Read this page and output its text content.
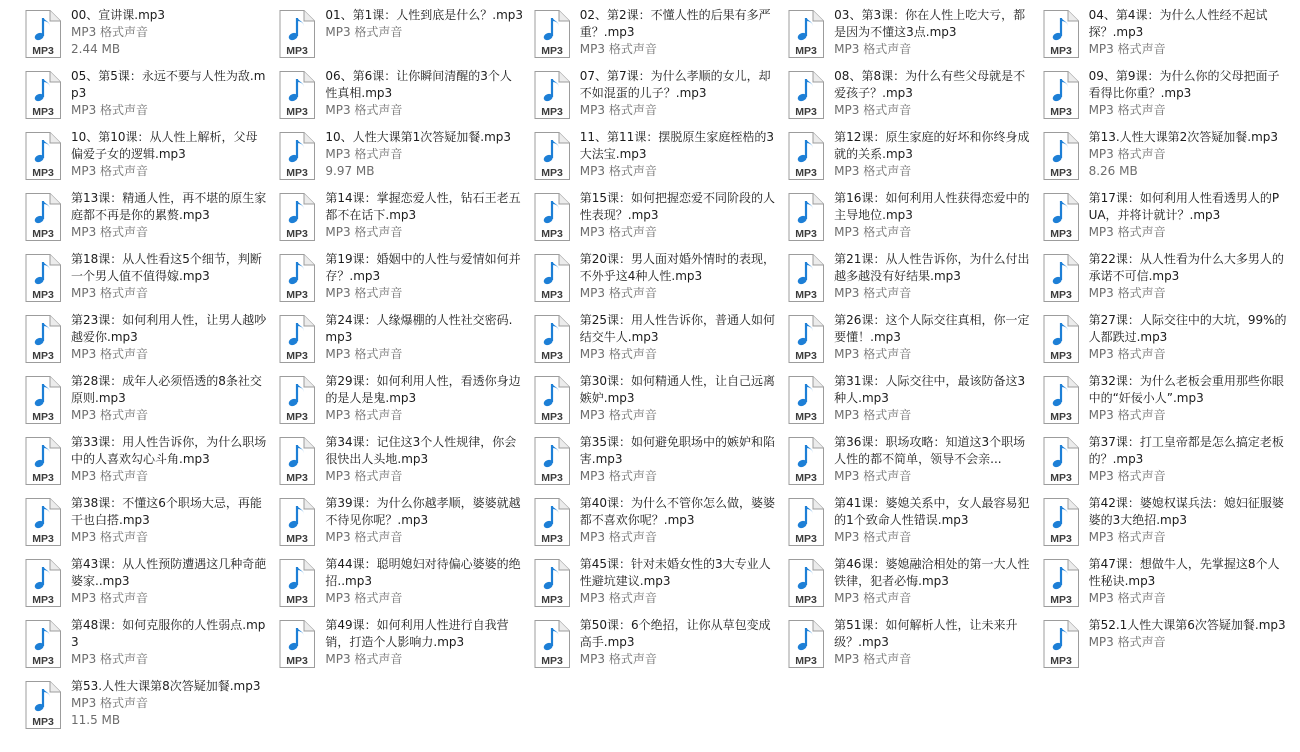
MP3
00、宣讲课.mp3
MP3 格式声音
2.44 MB	MP3
01、第1课：人性到底是什么？.mp3
MP3 格式声音
MP3
02、第2课：不懂人性的后果有多严重？.mp3
MP3 格式声音	MP3
03、第3课：你在人性上吃大亏，都是因为不懂这3点.mp3
MP3 格式声音	MP3
04、第4课：为什么人性经不起试探？.mp3
MP3 格式声音
MP3
05、第5课：永远不要与人性为敌.mp3
MP3 格式声音	MP3
06、第6课：让你瞬间清醒的3个人性真相.mp3
MP3 格式声音	MP3
07、第7课：为什么孝顺的女儿，却不如混蛋的儿子？.mp3
MP3 格式声音	MP3
08、第8课：为什么有些父母就是不爱孩子？.mp3
MP3 格式声音	MP3
09、第9课：为什么你的父母把面子看得比你重？.mp3
MP3 格式声音
MP3
10、第10课：从人性上解析，父母偏爱子女的逻辑.mp3
MP3 格式声音	MP3
10、人性大课第1次答疑加餐.mp3
MP3 格式声音
9.97 MB	MP3
11、第11课：摆脱原生家庭桎梏的3大法宝.mp3
MP3 格式声音	MP3
第12课：原生家庭的好坏和你终身成就的关系.mp3
MP3 格式声音	MP3
第13.人性大课第2次答疑加餐.mp3
MP3 格式声音
8.26 MB
MP3
第13课：精通人性，再不堪的原生家庭都不再是你的累赘.mp3
MP3 格式声音	MP3
第14课：掌握恋爱人性，钻石王老五都不在话下.mp3
MP3 格式声音	MP3
第15课：如何把握恋爱不同阶段的人性表现？.mp3
MP3 格式声音	MP3
第16课：如何利用人性获得恋爱中的主导地位.mp3
MP3 格式声音	MP3
第17课：如何利用人性看透男人的PUA，并将计就计？.mp3
MP3 格式声音
MP3
第18课：从人性看这5个细节，判断一个男人值不值得嫁.mp3
MP3 格式声音	MP3
第19课：婚姻中的人性与爱情如何并存？.mp3
MP3 格式声音	MP3
第20课：男人面对婚外情时的表现，不外乎这4种人性.mp3
MP3 格式声音	MP3
第21课：从人性告诉你，为什么付出越多越没有好结果.mp3
MP3 格式声音	MP3
第22课：从人性看为什么大多男人的承诺不可信.mp3
MP3 格式声音
MP3
第23课：如何利用人性，让男人越吵越爱你.mp3
MP3 格式声音	MP3
第24课：人缘爆棚的人性社交密码.mp3
MP3 格式声音	MP3
第25课：用人性告诉你，普通人如何结交牛人.mp3
MP3 格式声音	MP3
第26课：这个人际交往真相，你一定要懂！.mp3
MP3 格式声音	MP3
第27课：人际交往中的大坑，99%的人都跌过.mp3
MP3 格式声音
MP3
第28课：成年人必须悟透的8条社交原则.mp3
MP3 格式声音	MP3
第29课：如何利用人性，看透你身边的是人是鬼.mp3
MP3 格式声音	MP3
第30课：如何精通人性，让自己远离嫉妒.mp3
MP3 格式声音	MP3
第31课：人际交往中，最该防备这3种人.mp3
MP3 格式声音	MP3
第32课：为什么老板会重用那些你眼中的“奸佞小人”.mp3
MP3 格式声音
MP3
第33课：用人性告诉你，为什么职场中的人喜欢勾心斗角.mp3
MP3 格式声音	MP3
第34课：记住这3个人性规律，你会很快出人头地.mp3
MP3 格式声音	MP3
第35课：如何避免职场中的嫉妒和陷害.mp3
MP3 格式声音	MP3
第36课：职场攻略：知道这3个职场人性的都不简单，领导不会亲...
MP3 格式声音	MP3
第37课：打工皇帝都是怎么搞定老板的？.mp3
MP3 格式声音
MP3
第38课：不懂这6个职场大忌，再能干也白搭.mp3
MP3 格式声音	MP3
第39课：为什么你越孝顺，婆婆就越不待见你呢？.mp3
MP3 格式声音	MP3
第40课：为什么不管你怎么做，婆婆都不喜欢你呢？.mp3
MP3 格式声音	MP3
第41课：婆媳关系中，女人最容易犯的1个致命人性错误.mp3
MP3 格式声音	MP3
第42课：婆媳权谋兵法：媳妇征服婆婆的3大绝招.mp3
MP3 格式声音
MP3
第43课：从人性预防遭遇这几种奇葩婆家..mp3
MP3 格式声音	MP3
第44课：聪明媳妇对待偏心婆婆的绝招..mp3
MP3 格式声音	MP3
第45课：针对未婚女性的3大专业人性避坑建议.mp3
MP3 格式声音	MP3
第46课：婆媳融洽相处的第一大人性铁律，犯者必悔.mp3
MP3 格式声音	MP3
第47课：想做牛人，先掌握这8个人性秘诀.mp3
MP3 格式声音
MP3
第48课：如何克服你的人性弱点.mp3
MP3 格式声音	MP3
第49课：如何利用人性进行自我营销，打造个人影响力.mp3
MP3 格式声音	MP3
第50课：6个绝招，让你从草包变成高手.mp3
MP3 格式声音	MP3
第51课：如何解析人性，让未来升级？.mp3
MP3 格式声音	MP3
第52.1人性大课第6次答疑加餐.mp3
MP3 格式声音
MP3
第53.人性大课第8次答疑加餐.mp3
MP3 格式声音
11.5 MB
